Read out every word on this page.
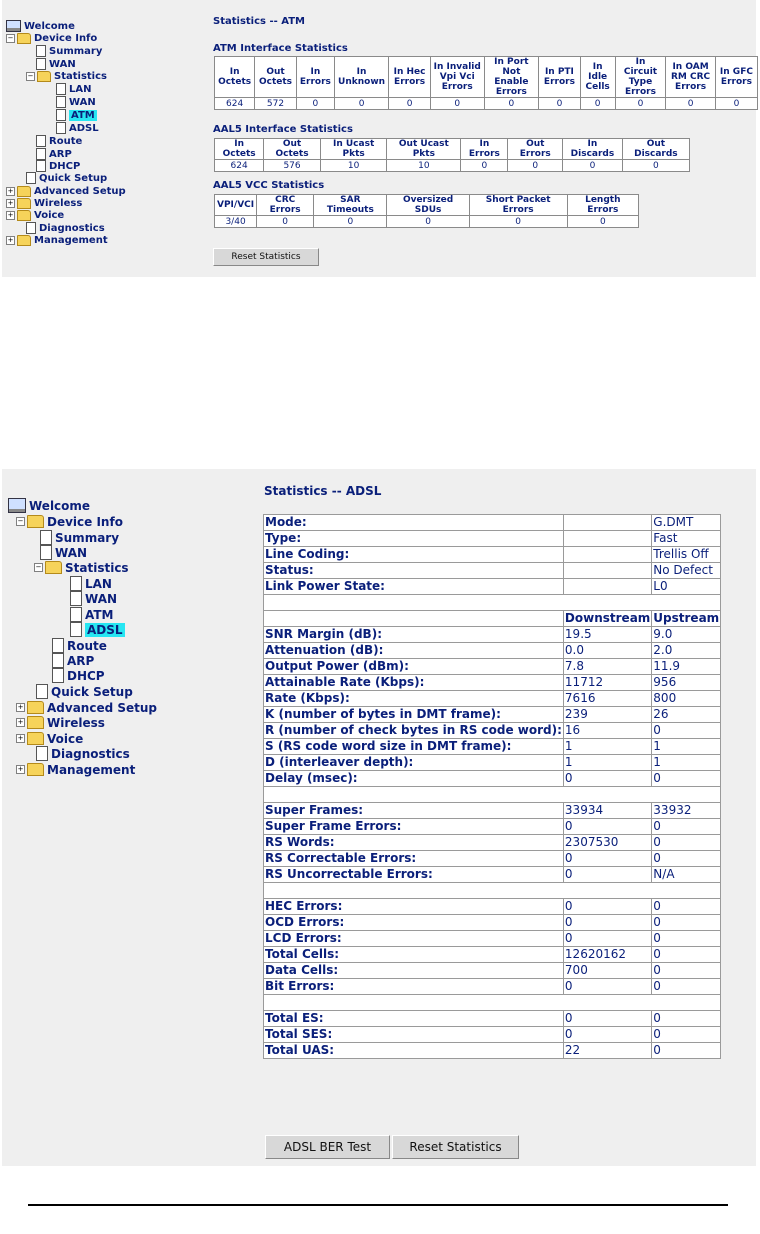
Welcome
− Device Info
Summary
WAN
− Statistics
LAN
WAN
ATM
ADSL
Route
ARP
DHCP
Quick Setup
+ Advanced Setup
+ Wireless
+ Voice
Diagnostics
+ Management
Statistics -- ATM
ATM Interface Statistics
In Octets	Out Octets	In Errors	In Unknown	In Hec Errors	In Invalid Vpi Vci Errors	In Port Not Enable Errors	In PTI Errors	In Idle Cells	In Circuit Type Errors	In OAM RM CRC Errors	In GFC Errors
624	572	0	0	0	0	0	0	0	0	0	0
AAL5 Interface Statistics
In Octets	Out Octets	In Ucast Pkts	Out Ucast Pkts	In Errors	Out Errors	In Discards	Out Discards
624	576	10	10	0	0	0	0
AAL5 VCC Statistics
VPI/VCI	CRC Errors	SAR Timeouts	Oversized SDUs	Short Packet Errors	Length Errors
3/40	0	0	0	0	0
Reset Statistics
Welcome
− Device Info
Summary
WAN
− Statistics
LAN
WAN
ATM
ADSL
Route
ARP
DHCP
Quick Setup
+ Advanced Setup
+ Wireless
+ Voice
Diagnostics
+ Management
Statistics -- ADSL
Mode:		G.DMT
Type:		Fast
Line Coding:		Trellis Off
Status:		No Defect
Link Power State:		L0

	Downstream	Upstream
SNR Margin (dB):	19.5	9.0
Attenuation (dB):	0.0	2.0
Output Power (dBm):	7.8	11.9
Attainable Rate (Kbps):	11712	956
Rate (Kbps):	7616	800
K (number of bytes in DMT frame):	239	26
R (number of check bytes in RS code word):	16	0
S (RS code word size in DMT frame):	1	1
D (interleaver depth):	1	1
Delay (msec):	0	0

Super Frames:	33934	33932
Super Frame Errors:	0	0
RS Words:	2307530	0
RS Correctable Errors:	0	0
RS Uncorrectable Errors:	0	N/A

HEC Errors:	0	0
OCD Errors:	0	0
LCD Errors:	0	0
Total Cells:	12620162	0
Data Cells:	700	0
Bit Errors:	0	0

Total ES:	0	0
Total SES:	0	0
Total UAS:	22	0
ADSL BER Test	Reset Statistics
